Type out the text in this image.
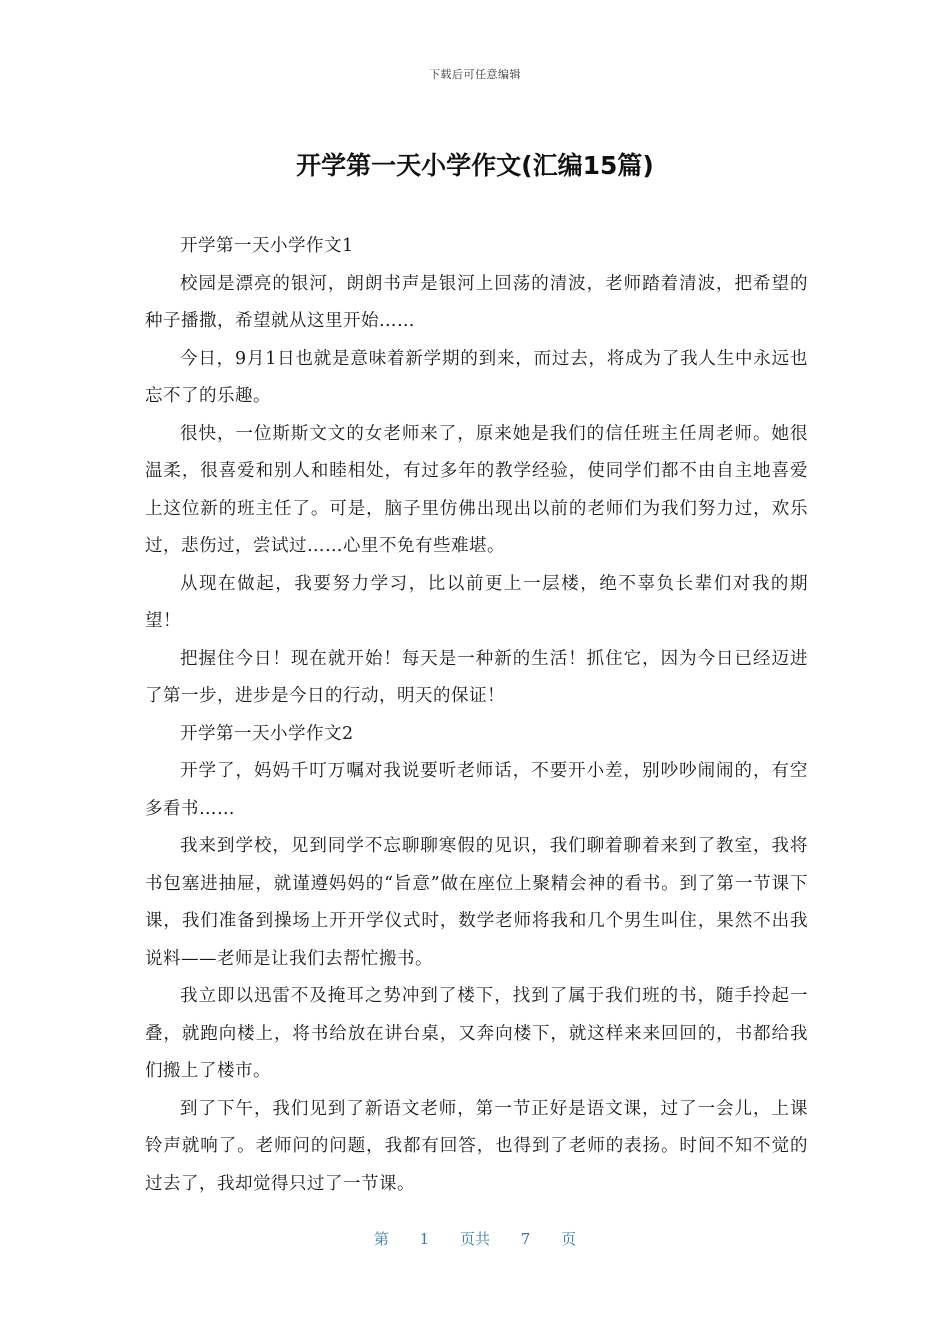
下载后可任意编辑
开学第一天小学作文(汇编15篇)

开学第一天小学作文1

校园是漂亮的银河，朗朗书声是银河上回荡的清波，老师踏着清波，把希望的种子播撒，希望就从这里开始……

今日，9月1日也就是意味着新学期的到来，而过去，将成为了我人生中永远也忘不了的乐趣。

很快，一位斯斯文文的女老师来了，原来她是我们的信任班主任周老师。她很温柔，很喜爱和别人和睦相处，有过多年的教学经验，使同学们都不由自主地喜爱上这位新的班主任了。可是，脑子里仿佛出现出以前的老师们为我们努力过，欢乐过，悲伤过，尝试过……心里不免有些难堪。

从现在做起，我要努力学习，比以前更上一层楼，绝不辜负长辈们对我的期望！

把握住今日！现在就开始！每天是一种新的生活！抓住它，因为今日已经迈进了第一步，进步是今日的行动，明天的保证！

开学第一天小学作文2

开学了，妈妈千叮万嘱对我说要听老师话，不要开小差，别吵吵闹闹的，有空多看书……

我来到学校，见到同学不忘聊聊寒假的见识，我们聊着聊着来到了教室，我将书包塞进抽屉，就谨遵妈妈的“旨意”做在座位上聚精会神的看书。到了第一节课下课，我们准备到操场上开开学仪式时，数学老师将我和几个男生叫住，果然不出我说料——老师是让我们去帮忙搬书。

我立即以迅雷不及掩耳之势冲到了楼下，找到了属于我们班的书，随手拎起一叠，就跑向楼上，将书给放在讲台桌，又奔向楼下，就这样来来回回的，书都给我们搬上了楼市。

到了下午，我们见到了新语文老师，第一节正好是语文课，过了一会儿，上课铃声就响了。老师问的问题，我都有回答，也得到了老师的表扬。时间不知不觉的过去了，我却觉得只过了一节课。

第 1 页共 7 页
